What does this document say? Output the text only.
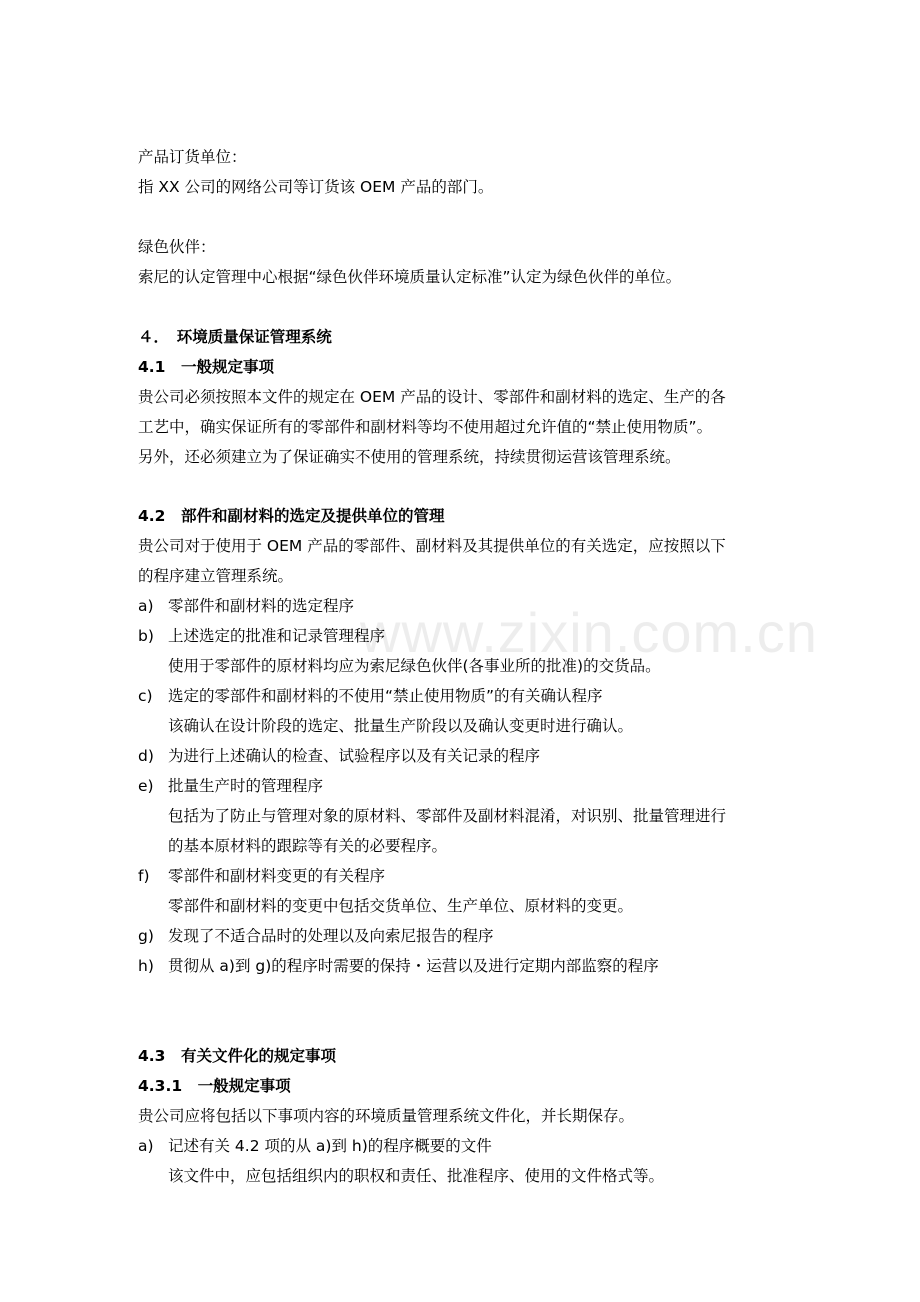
www.zixin.com.cn
产品订货单位：
指 XX 公司的网络公司等订货该 OEM 产品的部门。
绿色伙伴：
索尼的认定管理中心根据“绿色伙伴环境质量认定标准”认定为绿色伙伴的单位。
４．　环境质量保证管理系统
4.1　一般规定事项
贵公司必须按照本文件的规定在 OEM 产品的设计、零部件和副材料的选定、生产的各
工艺中，确实保证所有的零部件和副材料等均不使用超过允许值的“禁止使用物质”。
另外，还必须建立为了保证确实不使用的管理系统，持续贯彻运营该管理系统。
4.2　部件和副材料的选定及提供单位的管理
贵公司对于使用于 OEM 产品的零部件、副材料及其提供单位的有关选定，应按照以下
的程序建立管理系统。
a) 零部件和副材料的选定程序
b) 上述选定的批准和记录管理程序
使用于零部件的原材料均应为索尼绿色伙伴(各事业所的批准)的交货品。
c) 选定的零部件和副材料的不使用“禁止使用物质”的有关确认程序
该确认在设计阶段的选定、批量生产阶段以及确认变更时进行确认。
d) 为进行上述确认的检查、试验程序以及有关记录的程序
e) 批量生产时的管理程序
包括为了防止与管理对象的原材料、零部件及副材料混淆，对识别、批量管理进行
的基本原材料的跟踪等有关的必要程序。
f) 零部件和副材料变更的有关程序
零部件和副材料的变更中包括交货单位、生产单位、原材料的变更。
g) 发现了不适合品时的处理以及向索尼报告的程序
h) 贯彻从 a)到 g)的程序时需要的保持・运营以及进行定期内部监察的程序
4.3　有关文件化的规定事项
4.3.1　一般规定事项
贵公司应将包括以下事项内容的环境质量管理系统文件化，并长期保存。
a) 记述有关 4.2 项的从 a)到 h)的程序概要的文件
该文件中，应包括组织内的职权和责任、批准程序、使用的文件格式等。
